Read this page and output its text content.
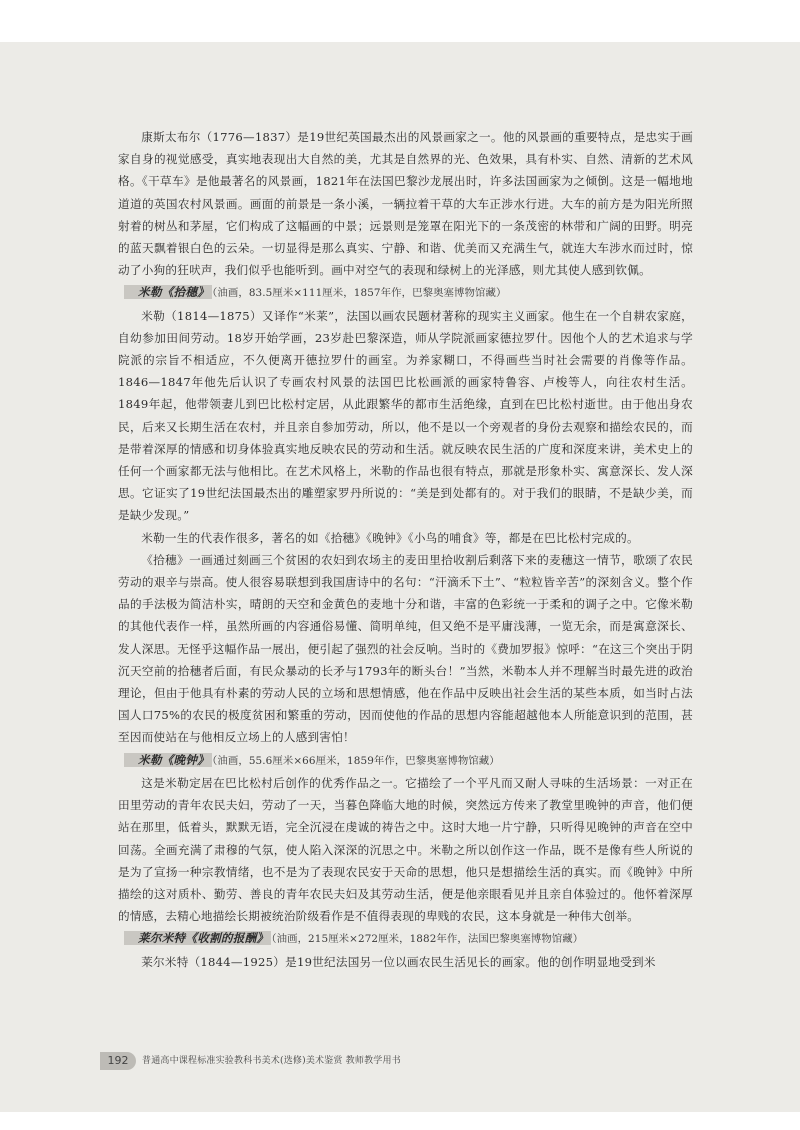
康斯太布尔（1776—1837）是19世纪英国最杰出的风景画家之一。他的风景画的重要特点，是忠实于画家自身的视觉感受，真实地表现出大自然的美，尤其是自然界的光、色效果，具有朴实、自然、清新的艺术风格。《干草车》是他最著名的风景画，1821年在法国巴黎沙龙展出时，许多法国画家为之倾倒。这是一幅地地道道的英国农村风景画。画面的前景是一条小溪，一辆拉着干草的大车正涉水行进。大车的前方是为阳光所照射着的树丛和茅屋，它们构成了这幅画的中景；远景则是笼罩在阳光下的一条茂密的林带和广阔的田野。明亮的蓝天飘着银白色的云朵。一切显得是那么真实、宁静、和谐、优美而又充满生气，就连大车涉水而过时，惊动了小狗的狂吠声，我们似乎也能听到。画中对空气的表现和绿树上的光泽感，则尤其使人感到钦佩。

米勒《拾穗》 （油画，83.5厘米×111厘米，1857年作，巴黎奥塞博物馆藏）

米勒（1814—1875）又译作“米莱”，法国以画农民题材著称的现实主义画家。他生在一个自耕农家庭，自幼参加田间劳动。18岁开始学画，23岁赴巴黎深造，师从学院派画家德拉罗什。因他个人的艺术追求与学院派的宗旨不相适应，不久便离开德拉罗什的画室。为养家糊口，不得画些当时社会需要的肖像等作品。1846—1847年他先后认识了专画农村风景的法国巴比松画派的画家特鲁容、卢梭等人，向往农村生活。1849年起，他带领妻儿到巴比松村定居，从此跟繁华的都市生活绝缘，直到在巴比松村逝世。由于他出身农民，后来又长期生活在农村，并且亲自参加劳动，所以，他不是以一个旁观者的身份去观察和描绘农民的，而是带着深厚的情感和切身体验真实地反映农民的劳动和生活。就反映农民生活的广度和深度来讲，美术史上的任何一个画家都无法与他相比。在艺术风格上，米勒的作品也很有特点，那就是形象朴实、寓意深长、发人深思。它证实了19世纪法国最杰出的雕塑家罗丹所说的：“美是到处都有的。对于我们的眼睛，不是缺少美，而是缺少发现。”

米勒一生的代表作很多，著名的如《拾穗》《晚钟》《小鸟的哺食》等，都是在巴比松村完成的。

《拾穗》一画通过刻画三个贫困的农妇到农场主的麦田里拾收割后剩落下来的麦穗这一情节，歌颂了农民劳动的艰辛与崇高。使人很容易联想到我国唐诗中的名句：“汗滴禾下土”、“粒粒皆辛苦”的深刻含义。整个作品的手法极为简洁朴实，晴朗的天空和金黄色的麦地十分和谐，丰富的色彩统一于柔和的调子之中。它像米勒的其他代表作一样，虽然所画的内容通俗易懂、简明单纯，但又绝不是平庸浅薄，一览无余，而是寓意深长、发人深思。无怪乎这幅作品一展出，便引起了强烈的社会反响。当时的《费加罗报》惊呼：“在这三个突出于阴沉天空前的拾穗者后面，有民众暴动的长矛与1793年的断头台！”当然，米勒本人并不理解当时最先进的政治理论，但由于他具有朴素的劳动人民的立场和思想情感，他在作品中反映出社会生活的某些本质，如当时占法国人口75%的农民的极度贫困和繁重的劳动，因而使他的作品的思想内容能超越他本人所能意识到的范围，甚至因而使站在与他相反立场上的人感到害怕！

米勒《晚钟》 （油画，55.6厘米×66厘米，1859年作，巴黎奥塞博物馆藏）

这是米勒定居在巴比松村后创作的优秀作品之一。它描绘了一个平凡而又耐人寻味的生活场景：一对正在田里劳动的青年农民夫妇，劳动了一天，当暮色降临大地的时候，突然远方传来了教堂里晚钟的声音，他们便站在那里，低着头，默默无语，完全沉浸在虔诚的祷告之中。这时大地一片宁静，只听得见晚钟的声音在空中回荡。全画充满了肃穆的气氛，使人陷入深深的沉思之中。米勒之所以创作这一作品，既不是像有些人所说的是为了宣扬一种宗教情绪，也不是为了表现农民安于天命的思想，他只是想描绘生活的真实。而《晚钟》中所描绘的这对质朴、勤劳、善良的青年农民夫妇及其劳动生活，便是他亲眼看见并且亲自体验过的。他怀着深厚的情感，去精心地描绘长期被统治阶级看作是不值得表现的卑贱的农民，这本身就是一种伟大创举。

莱尔米特《收割的报酬》 （油画，215厘米×272厘米，1882年作，法国巴黎奥塞博物馆藏）

莱尔米特（1844—1925）是19世纪法国另一位以画农民生活见长的画家。他的创作明显地受到米

192	普通高中课程标准实验教科书美术(选修)美术鉴赏 教师教学用书
